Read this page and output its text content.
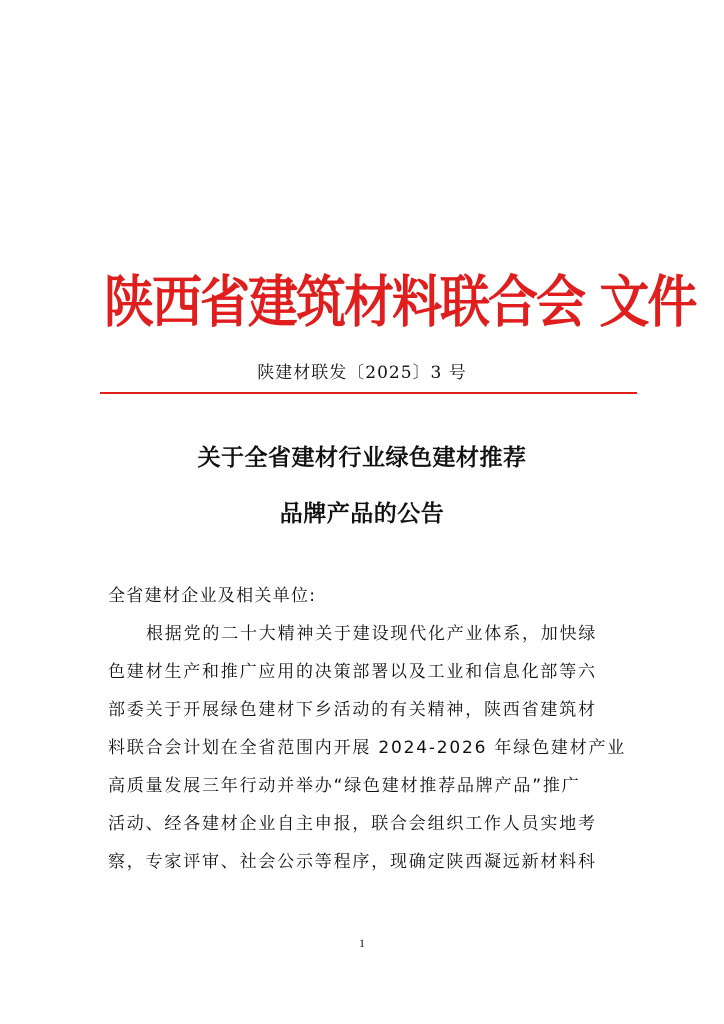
陕西省建筑材料联合会 文件
陕建材联发〔2025〕3 号
关于全省建材行业绿色建材推荐
品牌产品的公告
全省建材企业及相关单位:
根据党的二十大精神关于建设现代化产业体系，加快绿
色建材生产和推广应用的决策部署以及工业和信息化部等六
部委关于开展绿色建材下乡活动的有关精神，陕西省建筑材
料联合会计划在全省范围内开展 2024-2026 年绿色建材产业
高质量发展三年行动并举办“绿色建材推荐品牌产品”推广
活动、经各建材企业自主申报，联合会组织工作人员实地考
察，专家评审、社会公示等程序，现确定陕西凝远新材料科
1
